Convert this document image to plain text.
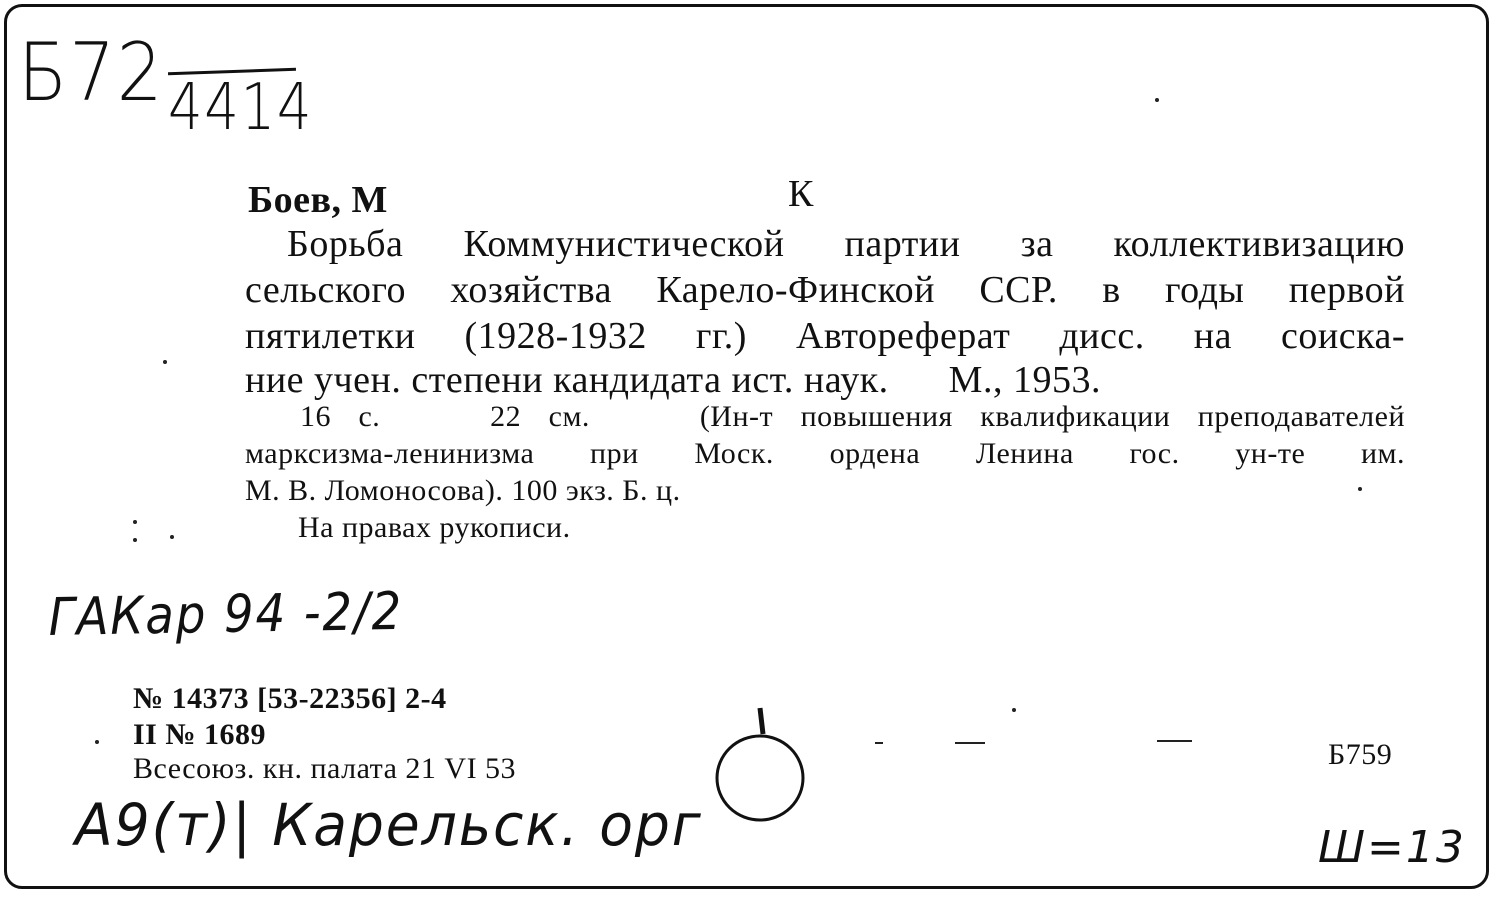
Б72 4414
Боев, М	К
Борьба Коммунистической партии за коллективизацию
сельского хозяйства Карело-Финской ССР. в годы первой
пятилетки (1928-1932 гг.) Автореферат дисс. на соиска-
ние учен. степени кандидата ист. наук.      М., 1953.
16 с.    22 см.    (Ин-т повышения квалификации преподавателей
марксизма-ленинизма при Моск. ордена Ленина гос. ун-те им.
М. В. Ломоносова). 100 экз. Б. ц.
На правах рукописи.
ГАКар 94 -2/2
№ 14373 [53-22356] 2-4
II № 1689
Всесоюз. кн. палата 21 VI 53	Б759
А9(т)| Карельск. орг	Ш=13
